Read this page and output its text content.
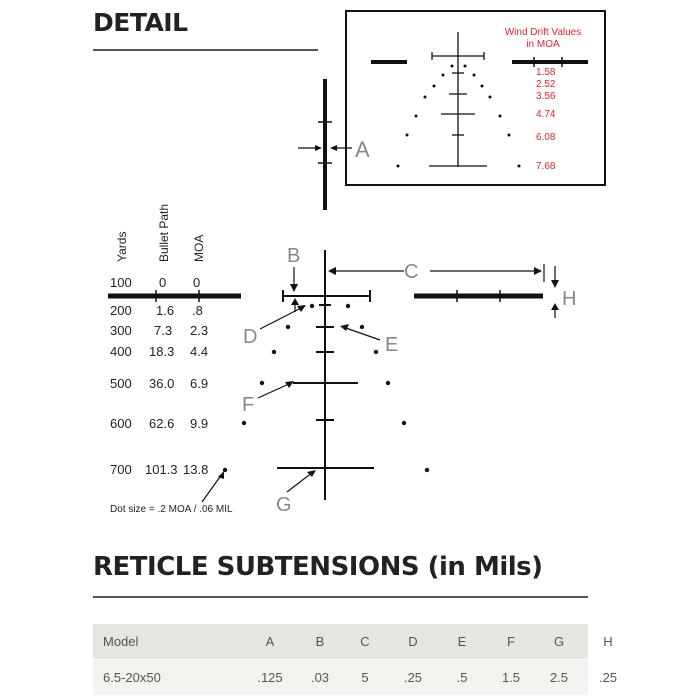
DETAIL	Wind Drift Values
in MOA
1.58
2.52
3.56
4.74
6.08
7.68
A
Yards Bullet Path MOA
100 0 0
200 1.6 .8
300 7.3 2.3
400 18.3 4.4
500 36.0 6.9
600 62.6 9.9
700 101.3 13.8
B
C
H
D	E
F
G
Dot size = .2 MOA / .06 MIL
RETICLE SUBTENSIONS (in Mils)
Model	A	B	C	D	E	F	G	H
6.5-20x50	.125	.03	5	.25	.5	1.5	2.5	.25
